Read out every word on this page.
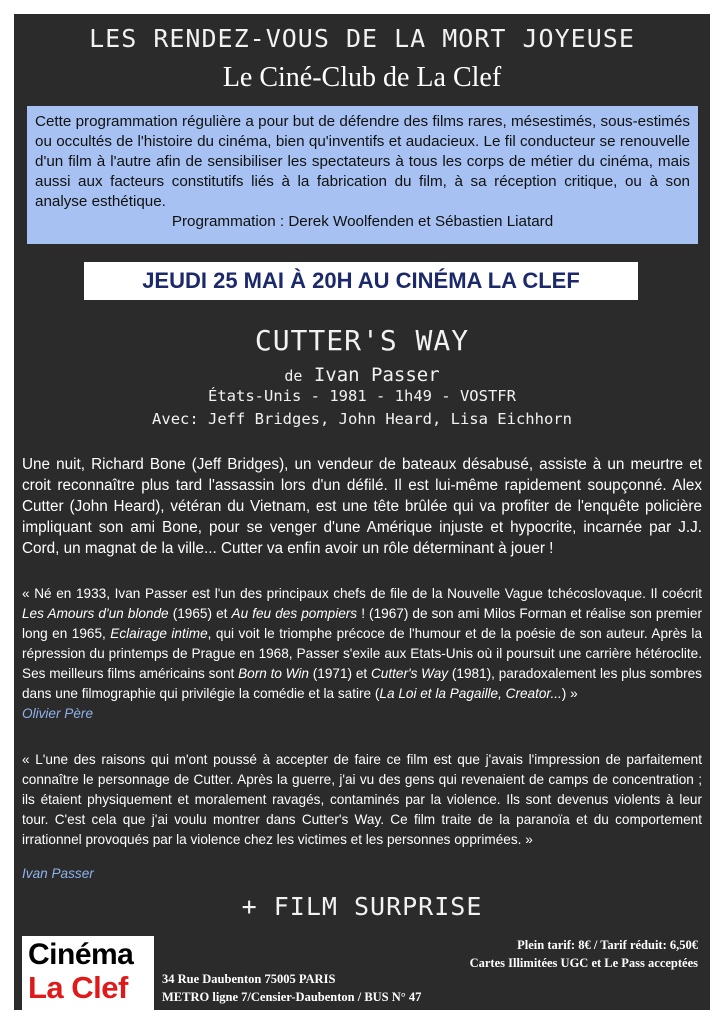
LES RENDEZ-VOUS DE LA MORT JOYEUSE
Le Ciné-Club de La Clef
Cette programmation régulière a pour but de défendre des films rares, mésestimés, sous-estimés ou occultés de l'histoire du cinéma, bien qu'inventifs et audacieux. Le fil conducteur se renouvelle d'un film à l'autre afin de sensibiliser les spectateurs à tous les corps de métier du cinéma, mais aussi aux facteurs constitutifs liés à la fabrication du film, à sa réception critique, ou à son analyse esthétique.
Programmation : Derek Woolfenden et Sébastien Liatard
JEUDI 25 MAI À 20H AU CINÉMA LA CLEF
CUTTER'S WAY
de Ivan Passer
États-Unis - 1981 - 1h49 - VOSTFR
Avec: Jeff Bridges, John Heard, Lisa Eichhorn
Une nuit, Richard Bone (Jeff Bridges), un vendeur de bateaux désabusé, assiste à un meurtre et croit reconnaître plus tard l'assassin lors d'un défilé. Il est lui-même rapidement soupçonné. Alex Cutter (John Heard), vétéran du Vietnam, est une tête brûlée qui va profiter de l'enquête policière impliquant son ami Bone, pour se venger d'une Amérique injuste et hypocrite, incarnée par J.J. Cord, un magnat de la ville... Cutter va enfin avoir un rôle déterminant à jouer !
« Né en 1933, Ivan Passer est l'un des principaux chefs de file de la Nouvelle Vague tchécoslovaque. Il coécrit Les Amours d'un blonde (1965) et Au feu des pompiers ! (1967) de son ami Milos Forman et réalise son premier long en 1965, Eclairage intime, qui voit le triomphe précoce de l'humour et de la poésie de son auteur. Après la répression du printemps de Prague en 1968, Passer s'exile aux Etats-Unis où il poursuit une carrière hétéroclite. Ses meilleurs films américains sont Born to Win (1971) et Cutter's Way (1981), paradoxalement les plus sombres dans une filmographie qui privilégie la comédie et la satire (La Loi et la Pagaille, Creator...) »
Olivier Père
« L'une des raisons qui m'ont poussé à accepter de faire ce film est que j'avais l'impression de parfaitement connaître le personnage de Cutter. Après la guerre, j'ai vu des gens qui revenaient de camps de concentration ; ils étaient physiquement et moralement ravagés, contaminés par la violence. Ils sont devenus violents à leur tour. C'est cela que j'ai voulu montrer dans Cutter's Way. Ce film traite de la paranoïa et du comportement irrationnel provoqués par la violence chez les victimes et les personnes opprimées. »
Ivan Passer
+ FILM SURPRISE
Cinéma
La Clef
Plein tarif: 8€ / Tarif réduit: 6,50€
Cartes Illimitées UGC et Le Pass acceptées
34 Rue Daubenton 75005 PARIS
METRO ligne 7/Censier-Daubenton / BUS N° 47
